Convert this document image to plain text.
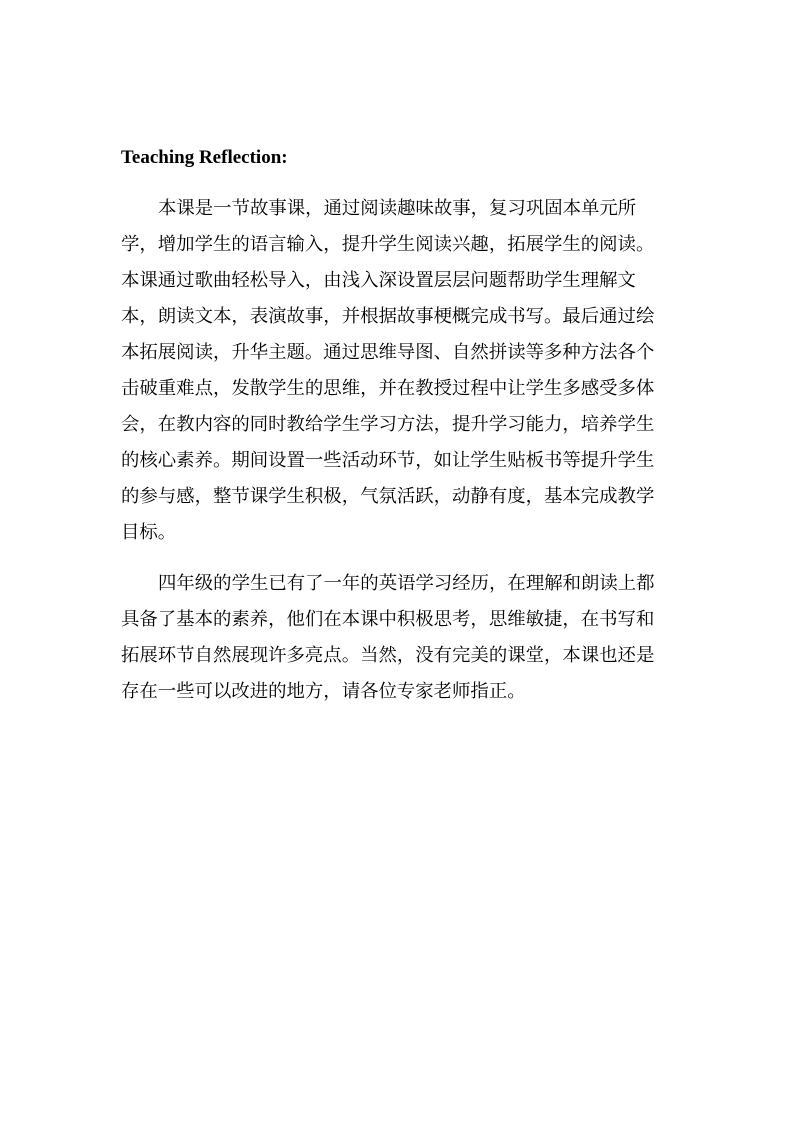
Teaching Reflection:
本课是一节故事课，通过阅读趣味故事，复习巩固本单元所
学，增加学生的语言输入，提升学生阅读兴趣，拓展学生的阅读。
本课通过歌曲轻松导入，由浅入深设置层层问题帮助学生理解文
本，朗读文本，表演故事，并根据故事梗概完成书写。最后通过绘
本拓展阅读，升华主题。通过思维导图、自然拼读等多种方法各个
击破重难点，发散学生的思维，并在教授过程中让学生多感受多体
会，在教内容的同时教给学生学习方法，提升学习能力，培养学生
的核心素养。期间设置一些活动环节，如让学生贴板书等提升学生
的参与感，整节课学生积极，气氛活跃，动静有度，基本完成教学
目标。
四年级的学生已有了一年的英语学习经历，在理解和朗读上都
具备了基本的素养，他们在本课中积极思考，思维敏捷，在书写和
拓展环节自然展现许多亮点。当然，没有完美的课堂，本课也还是
存在一些可以改进的地方，请各位专家老师指正。
